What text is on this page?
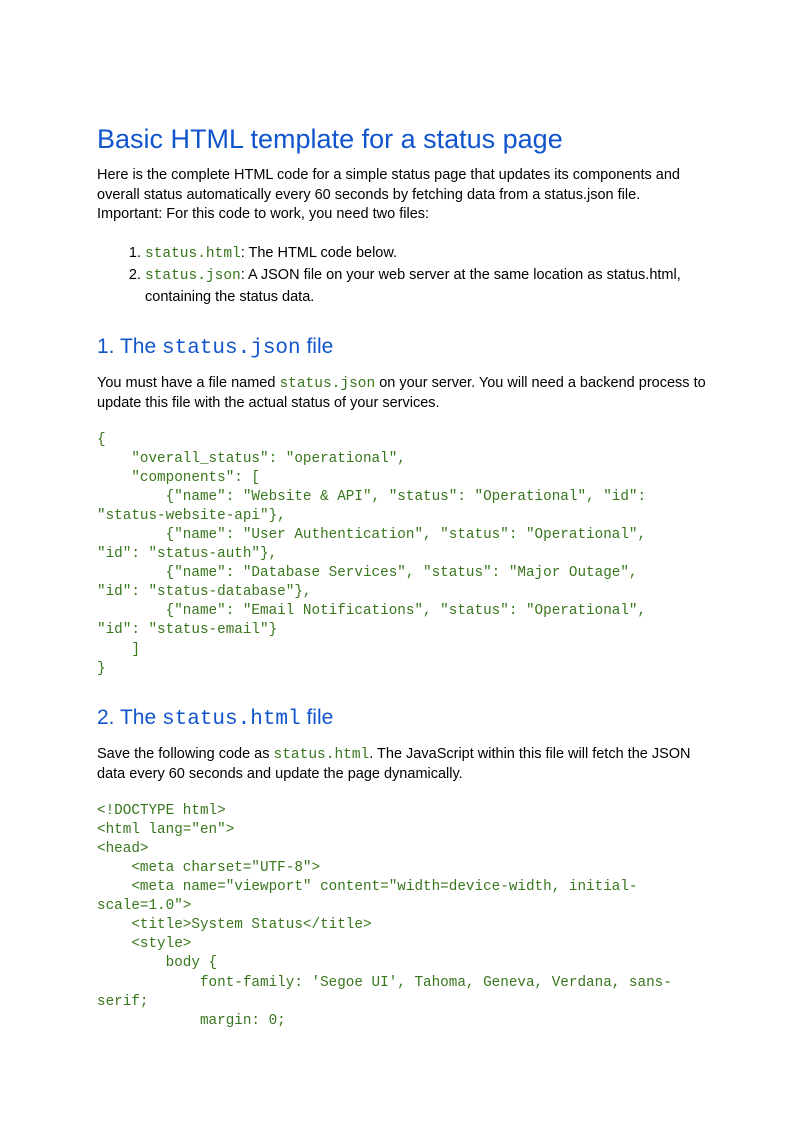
Basic HTML template for a status page

Here is the complete HTML code for a simple status page that updates its components and overall status automatically every 60 seconds by fetching data from a status.json file. Important: For this code to work, you need two files:

1. status.html: The HTML code below.
2. status.json: A JSON file on your web server at the same location as status.html, containing the status data.
1. The status.json file

You must have a file named status.json on your server. You will need a backend process to update this file with the actual status of your services.

{
"overall_status": "operational",
"components": [
{"name": "Website & API", "status": "Operational", "id":
"status-website-api"},
{"name": "User Authentication", "status": "Operational",
"id": "status-auth"},
{"name": "Database Services", "status": "Major Outage",
"id": "status-database"},
{"name": "Email Notifications", "status": "Operational",
"id": "status-email"}
]
}
2. The status.html file

Save the following code as status.html. The JavaScript within this file will fetch the JSON data every 60 seconds and update the page dynamically.

<!DOCTYPE html>
<html lang="en">
<head>
<meta charset="UTF-8">
<meta name="viewport" content="width=device-width, initial-
scale=1.0">
<title>System Status</title>
<style>
body {
font-family: 'Segoe UI', Tahoma, Geneva, Verdana, sans-
serif;
margin: 0;
